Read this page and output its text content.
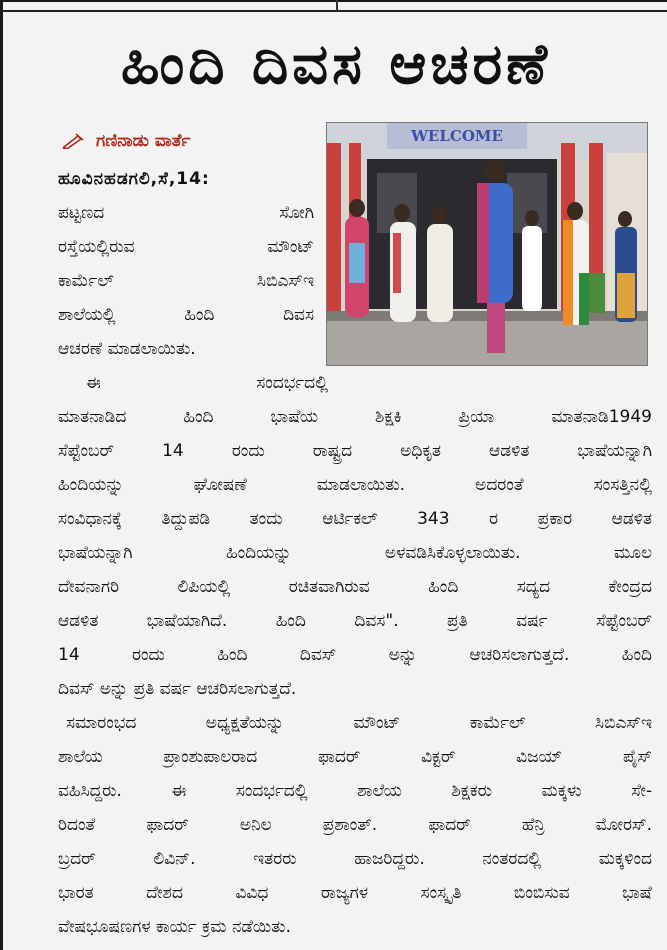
ಹಿಂದಿ ದಿವಸ ಆಚರಣೆ
ಗಣಿನಾಡು ವಾರ್ತೆ	WELCOME
ಹೂವಿನಹಡಗಲಿ,ಸೆ,14:
ಪಟ್ಟಣದ ಸೋಗಿ
ರಸ್ತೆಯಲ್ಲಿರುವ ಮೌಂಟ್
ಕಾರ್ಮೆಲ್ ಸಿಬಿಎಸ್ಇ
ಶಾಲೆಯಲ್ಲಿ ಹಿಂದಿ ದಿವಸ
ಆಚರಣೆ ಮಾಡಲಾಯಿತು.
ಈ ಸಂದರ್ಭದಲ್ಲಿ
ಮಾತನಾಡಿದ ಹಿಂದಿ ಭಾಷೆಯ ಶಿಕ್ಷಕಿ ಪ್ರಿಯಾ ಮಾತನಾಡಿ1949
ಸೆಪ್ಟೆಂಬರ್ 14 ರಂದು ರಾಷ್ಟ್ರದ ಅಧಿಕೃತ ಆಡಳಿತ ಭಾಷೆಯನ್ನಾಗಿ
ಹಿಂದಿಯನ್ನು ಘೋಷಣೆ ಮಾಡಲಾಯಿತು. ಅದರಂತೆ ಸಂಸತ್ತಿನಲ್ಲಿ
ಸಂವಿಧಾನಕ್ಕೆ ತಿದ್ದುಪಡಿ ತಂದು ಆರ್ಟಿಕಲ್ 343 ರ ಪ್ರಕಾರ ಆಡಳಿತ
ಭಾಷೆಯನ್ನಾಗಿ ಹಿಂದಿಯನ್ನು ಅಳವಡಿಸಿಕೊಳ್ಳಲಾಯಿತು. ಮೂಲ
ದೇವನಾಗರಿ ಲಿಪಿಯಲ್ಲಿ ರಚಿತವಾಗಿರುವ ಹಿಂದಿ ಸದ್ಯದ ಕೇಂದ್ರದ
ಆಡಳಿತ ಭಾಷೆಯಾಗಿದೆ. ಹಿಂದಿ ದಿವಸ". ಪ್ರತಿ ವರ್ಷ ಸೆಪ್ಟೆಂಬರ್
14 ರಂದು ಹಿಂದಿ ದಿವಸ್ ಅನ್ನು ಆಚರಿಸಲಾಗುತ್ತದೆ. ಹಿಂದಿ
ದಿವಸ್ ಅನ್ನು ಪ್ರತಿ ವರ್ಷ ಆಚರಿಸಲಾಗುತ್ತದೆ.
ಸಮಾರಂಭದ ಅಧ್ಯಕ್ಷತೆಯನ್ನು ಮೌಂಟ್ ಕಾರ್ಮೆಲ್ ಸಿಬಿಎಸ್ಇ
ಶಾಲೆಯ ಪ್ರಾಂಶುಪಾಲರಾದ ಫಾದರ್ ವಿಕ್ಟರ್ ವಿಜಯ್ ಪೈಸ್
ವಹಿಸಿದ್ದರು. ಈ ಸಂದರ್ಭದಲ್ಲಿ ಶಾಲೆಯ ಶಿಕ್ಷಕರು ಮಕ್ಕಳು ಸೇ-
ರಿದಂತೆ ಫಾದರ್ ಅನಿಲ ಪ್ರಶಾಂತ್. ಫಾದರ್ ಹೆನ್ರಿ ಮೋರಸ್.
ಬ್ರದರ್ ಲಿವಿನ್. ಇತರರು ಹಾಜರಿದ್ದರು. ನಂತರದಲ್ಲಿ ಮಕ್ಕಳಿಂದ
ಭಾರತ ದೇಶದ ವಿವಿಧ ರಾಜ್ಯಗಳ ಸಂಸ್ಕೃತಿ ಬಿಂಬಿಸುವ ಭಾಷೆ
ವೇಷಭೂಷಣಗಳ ಕಾರ್ಯ ಕ್ರಮ ನಡೆಯಿತು.
